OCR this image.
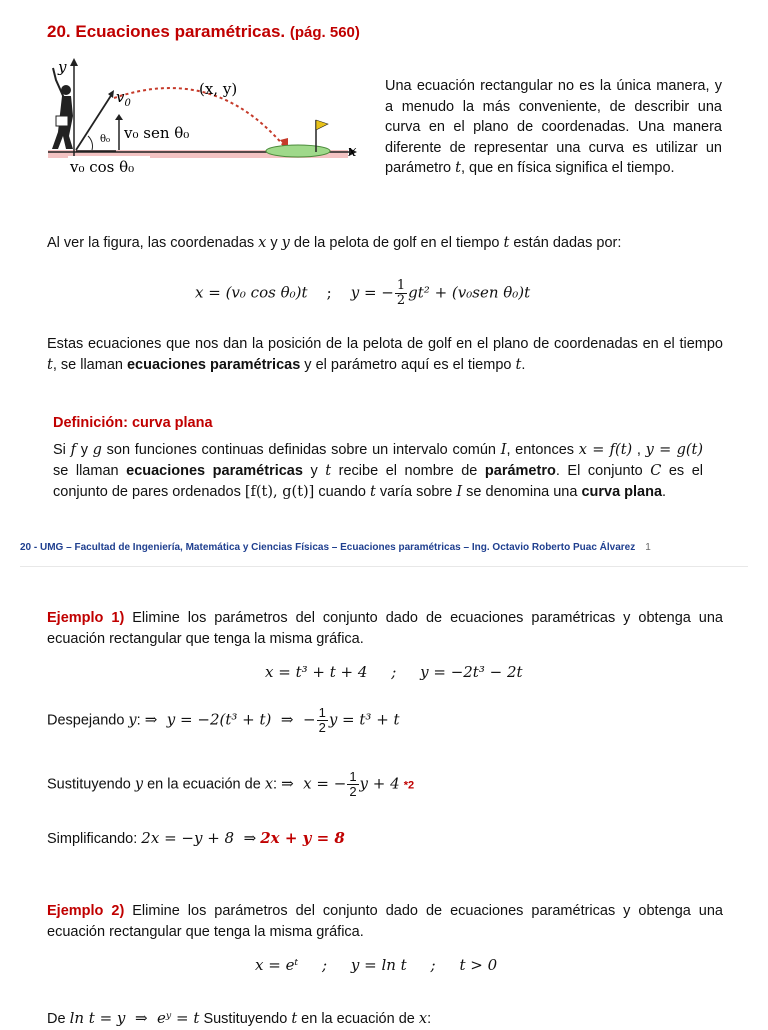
20. Ecuaciones paramétricas. (pág. 560)
y
x
$v_0$
(x, y)
v₀ sen θ₀
θ₀
v₀ cos θ₀
Una ecuación rectangular no es la única manera, y a menudo la más conveniente, de describir una curva en el plano de coordenadas. Una manera diferente de representar una curva es utilizar un parámetro t, que en física significa el tiempo.
Al ver la figura, las coordenadas x y y de la pelota de golf en el tiempo t están dadas por:
x = (v₀ cos θ₀)t ; y = − $\frac{1}{2} gt^2 + (v_0sen$ θ₀)t
Estas ecuaciones que nos dan la posición de la pelota de golf en el plano de coordenadas en el tiempo t, se llaman ecuaciones paramétricas y el parámetro aquí es el tiempo t.
Definición: curva plana
Si f y g son funciones continuas definidas sobre un intervalo común I, entonces x = f(t) , y = g(t) se llaman ecuaciones paramétricas y t recibe el nombre de parámetro. El conjunto C es el conjunto de pares ordenados [f(t), g(t)] cuando t varía sobre I se denomina una curva plana.
20 - UMG – Facultad de Ingeniería, Matemática y Ciencias Físicas – Ecuaciones paramétricas – Ing. Octavio Roberto Puac Álvarez 1
Ejemplo 1) Elimine los parámetros del conjunto dado de ecuaciones paramétricas y obtenga una ecuación rectangular que tenga la misma gráfica.
x = t³ + t + 4     ;     y = −2t³ − 2t
Despejando y: ⇒  y = −2(t³ + t)  ⇒  − $\frac{1}{2}$ y = t³ + t
Sustituyendo y en la ecuación de x: ⇒  x = − $\frac{1}{2}$ y + 4 *2
Simplificando: 2x = −y + 8  ⇒ 2x + y = 8
Ejemplo 2) Elimine los parámetros del conjunto dado de ecuaciones paramétricas y obtenga una ecuación rectangular que tenga la misma gráfica.
x = eᵗ     ;     y = ln t     ;     t > 0
De ln t = y  ⇒  eʸ = t Sustituyendo t en la ecuación de x:
